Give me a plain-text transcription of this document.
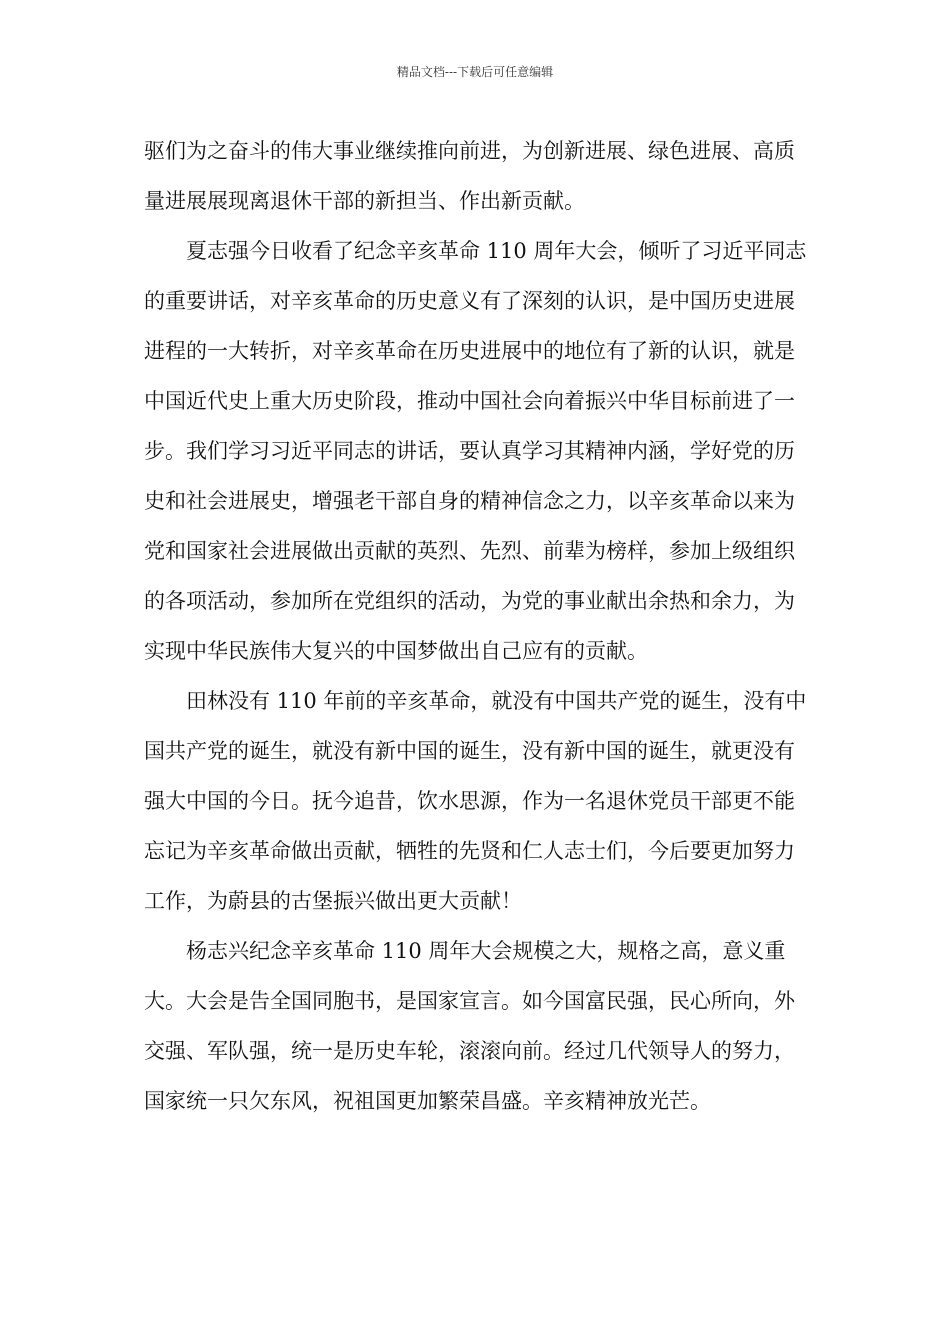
精品文档---下载后可任意编辑

驱们为之奋斗的伟大事业继续推向前进，为创新进展、绿色进展、高质量进展展现离退休干部的新担当、作出新贡献。

夏志强今日收看了纪念辛亥革命 110 周年大会，倾听了习近平同志的重要讲话，对辛亥革命的历史意义有了深刻的认识，是中国历史进展进程的一大转折，对辛亥革命在历史进展中的地位有了新的认识，就是中国近代史上重大历史阶段，推动中国社会向着振兴中华目标前进了一步。我们学习习近平同志的讲话，要认真学习其精神内涵，学好党的历史和社会进展史，增强老干部自身的精神信念之力，以辛亥革命以来为党和国家社会进展做出贡献的英烈、先烈、前辈为榜样，参加上级组织的各项活动，参加所在党组织的活动，为党的事业献出余热和余力，为实现中华民族伟大复兴的中国梦做出自己应有的贡献。

田林没有 110 年前的辛亥革命，就没有中国共产党的诞生，没有中国共产党的诞生，就没有新中国的诞生，没有新中国的诞生，就更没有强大中国的今日。抚今追昔，饮水思源，作为一名退休党员干部更不能忘记为辛亥革命做出贡献，牺牲的先贤和仁人志士们，今后要更加努力工作，为蔚县的古堡振兴做出更大贡献！

杨志兴纪念辛亥革命 110 周年大会规模之大，规格之高，意义重大。大会是告全国同胞书，是国家宣言。如今国富民强，民心所向，外交强、军队强，统一是历史车轮，滚滚向前。经过几代领导人的努力，国家统一只欠东风，祝祖国更加繁荣昌盛。辛亥精神放光芒。
